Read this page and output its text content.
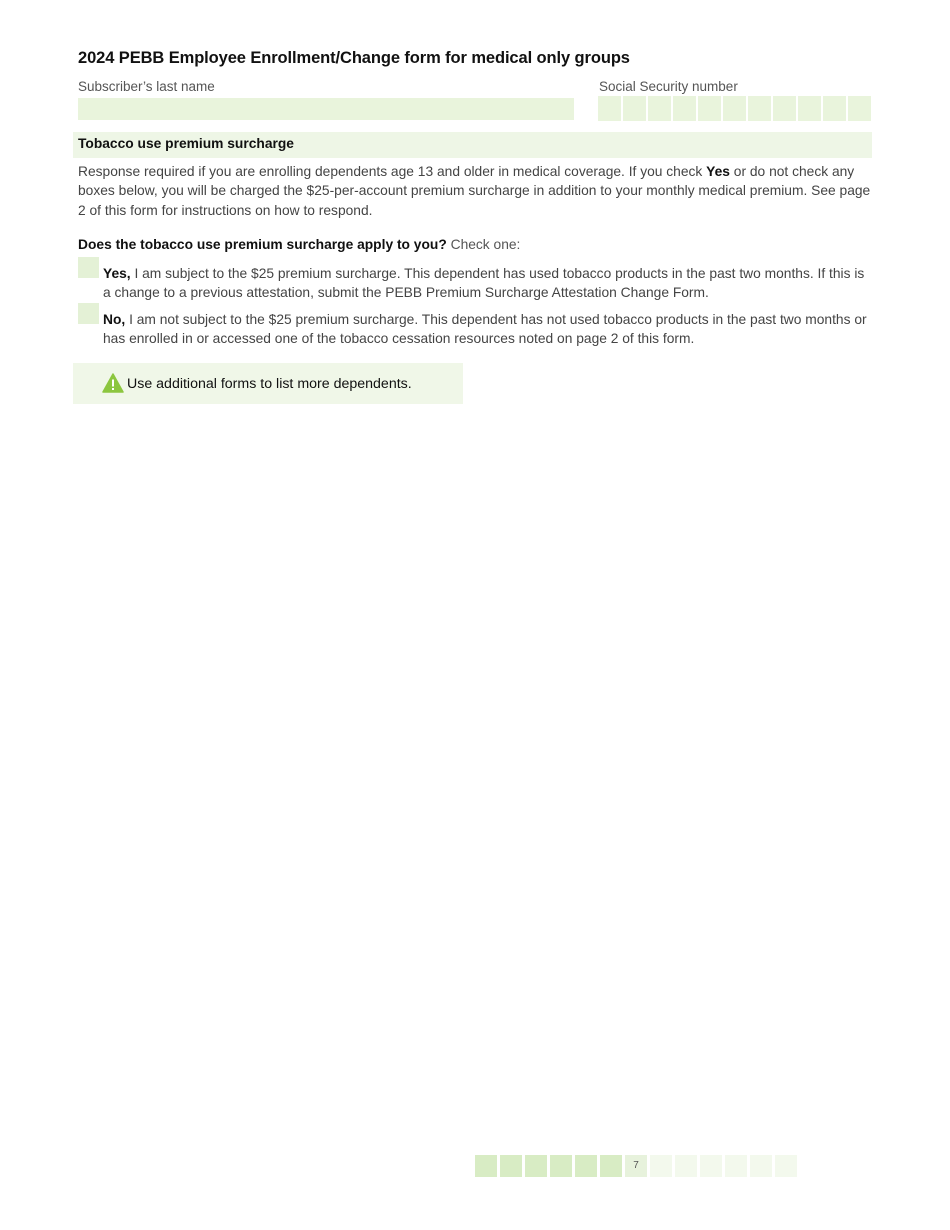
2024 PEBB Employee Enrollment/Change form for medical only groups
Subscriber’s last name	Social Security number
Tobacco use premium surcharge
Response required if you are enrolling dependents age 13 and older in medical coverage. If you check Yes or do not check any boxes below, you will be charged the $25-per-account premium surcharge in addition to your monthly medical premium. See page 2 of this form for instructions on how to respond.
Does the tobacco use premium surcharge apply to you? Check one:
Yes, I am subject to the $25 premium surcharge. This dependent has used tobacco products in the past two months. If this is a change to a previous attestation, submit the PEBB Premium Surcharge Attestation Change Form.
No, I am not subject to the $25 premium surcharge. This dependent has not used tobacco products in the past two months or has enrolled in or accessed one of the tobacco cessation resources noted on page 2 of this form.
Use additional forms to list more dependents.
7
